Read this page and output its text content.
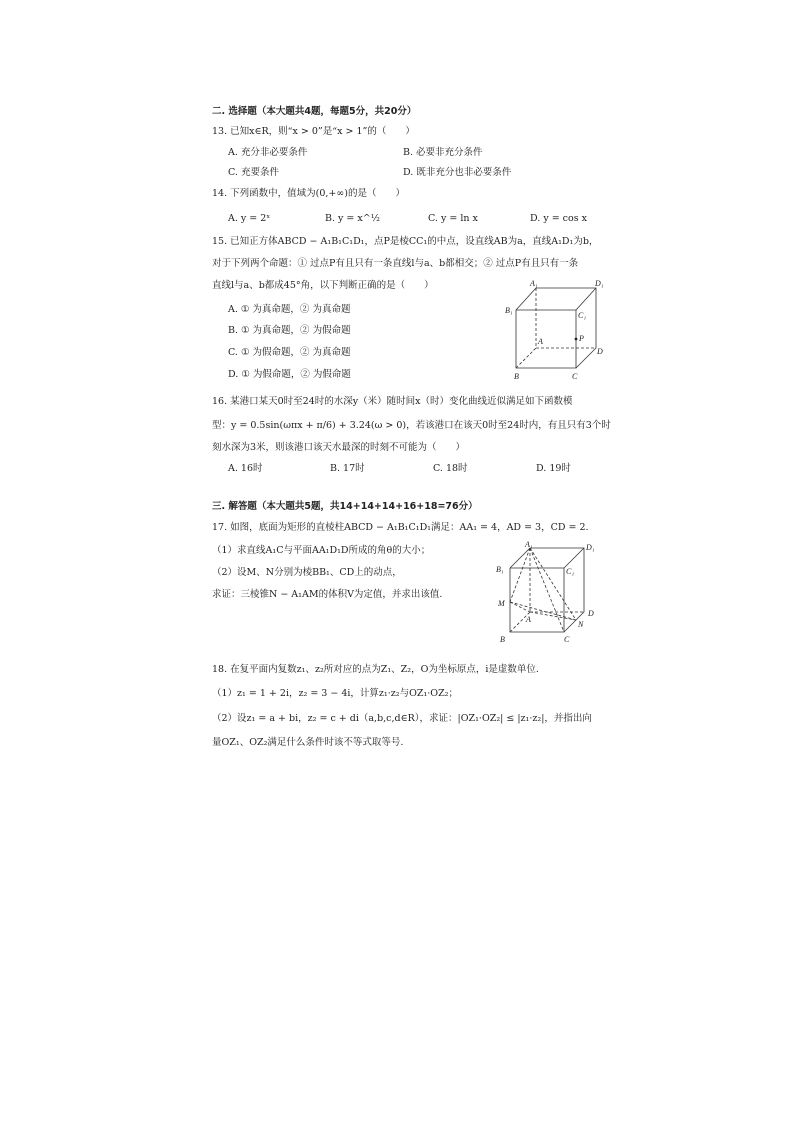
二. 选择题（本大题共4题，每题5分，共20分）
13. 已知x∈R，则“x > 0”是“x > 1”的（　　）
A. 充分非必要条件	B. 必要非充分条件
C. 充要条件	D. 既非充分也非必要条件
14. 下列函数中，值域为(0,+∞)的是（　　）
A. y = 2ˣ	B. y = x^½	C. y = ln x	D. y = cos x
15. 已知正方体ABCD − A₁B₁C₁D₁，点P是棱CC₁的中点，设直线AB为a，直线A₁D₁为b，
对于下列两个命题：① 过点P有且只有一条直线l与a、b都相交；② 过点P有且只有一条
直线l与a、b都成45°角，以下判断正确的是（　　）
A. ① 为真命题，② 为真命题
B. ① 为真命题，② 为假命题
C. ① 为假命题，② 为真命题
D. ① 为假命题，② 为假命题
A₁	D₁
B₁
C₁
A	P
D
B	C
16. 某港口某天0时至24时的水深y（米）随时间x（时）变化曲线近似满足如下函数模
型：y = 0.5sin(ωπx + π/6) + 3.24(ω > 0)，若该港口在该天0时至24时内，有且只有3个时
刻水深为3米，则该港口该天水最深的时刻不可能为（　　）
A. 16时	B. 17时	C. 18时	D. 19时
三. 解答题（本大题共5题，共14+14+14+16+18=76分）
17. 如图，底面为矩形的直棱柱ABCD − A₁B₁C₁D₁满足：AA₁ = 4，AD = 3，CD = 2.
（1）求直线A₁C与平面AA₁D₁D所成的角θ的大小；
（2）设M、N分别为棱BB₁、CD上的动点，
求证：三棱锥N − A₁AM的体积V为定值，并求出该值.
A₁	D₁
B₁	C₁
M
A
D
N
B	C
18. 在复平面内复数z₁、z₂所对应的点为Z₁、Z₂，O为坐标原点，i是虚数单位.
（1）z₁ = 1 + 2i，z₂ = 3 − 4i，计算z₁·z₂与OZ₁·OZ₂；
（2）设z₁ = a + bi，z₂ = c + di（a,b,c,d∈R），求证：|OZ₁·OZ₂| ≤ |z₁·z₂|，并指出向
量OZ₁、OZ₂满足什么条件时该不等式取等号.
